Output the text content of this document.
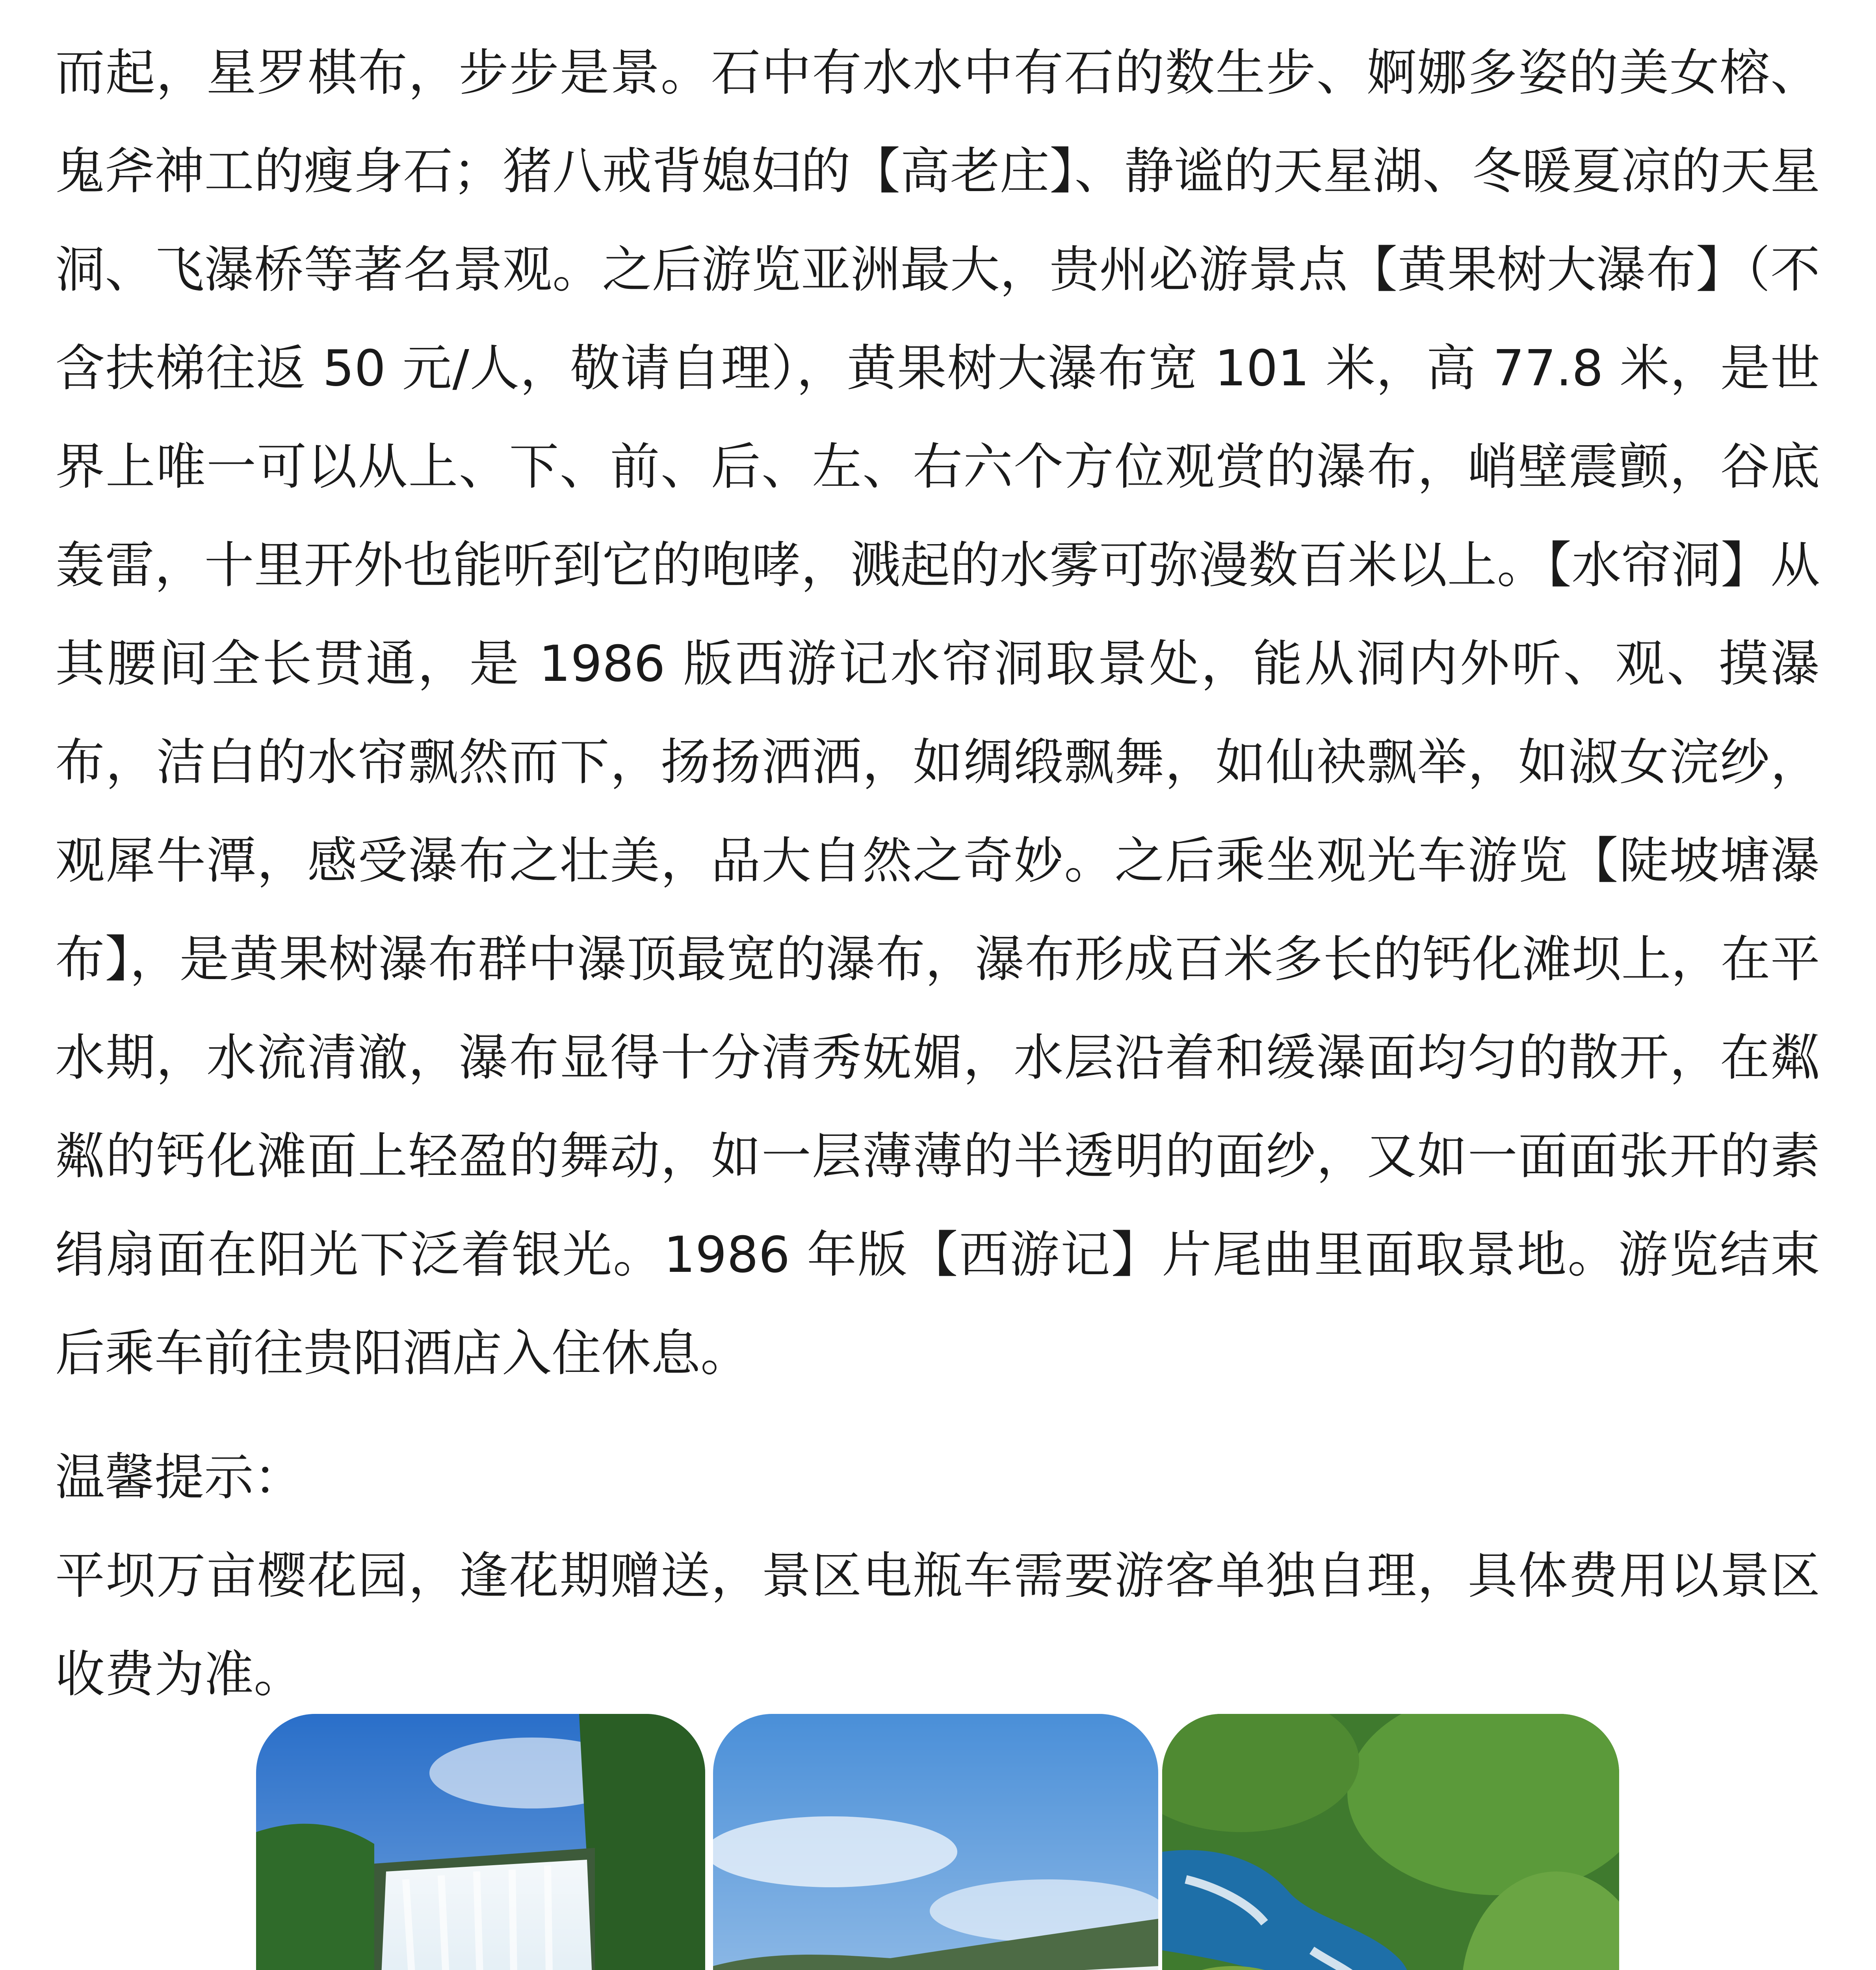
而起，星罗棋布，步步是景。石中有水水中有石的数生步、婀娜多姿的美女榕、鬼斧神工的瘦身石；猪八戒背媳妇的【高老庄】、静谧的天星湖、冬暖夏凉的天星洞、飞瀑桥等著名景观。之后游览亚洲最大，贵州必游景点【黄果树大瀑布】（不含扶梯往返 50 元/人，敬请自理），黄果树大瀑布宽 101 米，高 77.8 米，是世界上唯一可以从上、下、前、后、左、右六个方位观赏的瀑布，峭壁震颤，谷底轰雷，十里开外也能听到它的咆哮，溅起的水雾可弥漫数百米以上。【水帘洞】从其腰间全长贯通，是 1986 版西游记水帘洞取景处，能从洞内外听、观、摸瀑布，洁白的水帘飘然而下，扬扬洒洒，如绸缎飘舞，如仙袂飘举，如淑女浣纱，观犀牛潭，感受瀑布之壮美，品大自然之奇妙。之后乘坐观光车游览【陡坡塘瀑布】，是黄果树瀑布群中瀑顶最宽的瀑布，瀑布形成百米多长的钙化滩坝上，在平水期，水流清澈，瀑布显得十分清秀妩媚，水层沿着和缓瀑面均匀的散开，在粼粼的钙化滩面上轻盈的舞动，如一层薄薄的半透明的面纱，又如一面面张开的素绢扇面在阳光下泛着银光。1986 年版【西游记】片尾曲里面取景地。游览结束后乘车前往贵阳酒店入住休息。

温馨提示：

平坝万亩樱花园，逢花期赠送，景区电瓶车需要游客单独自理，具体费用以景区收费为准。
